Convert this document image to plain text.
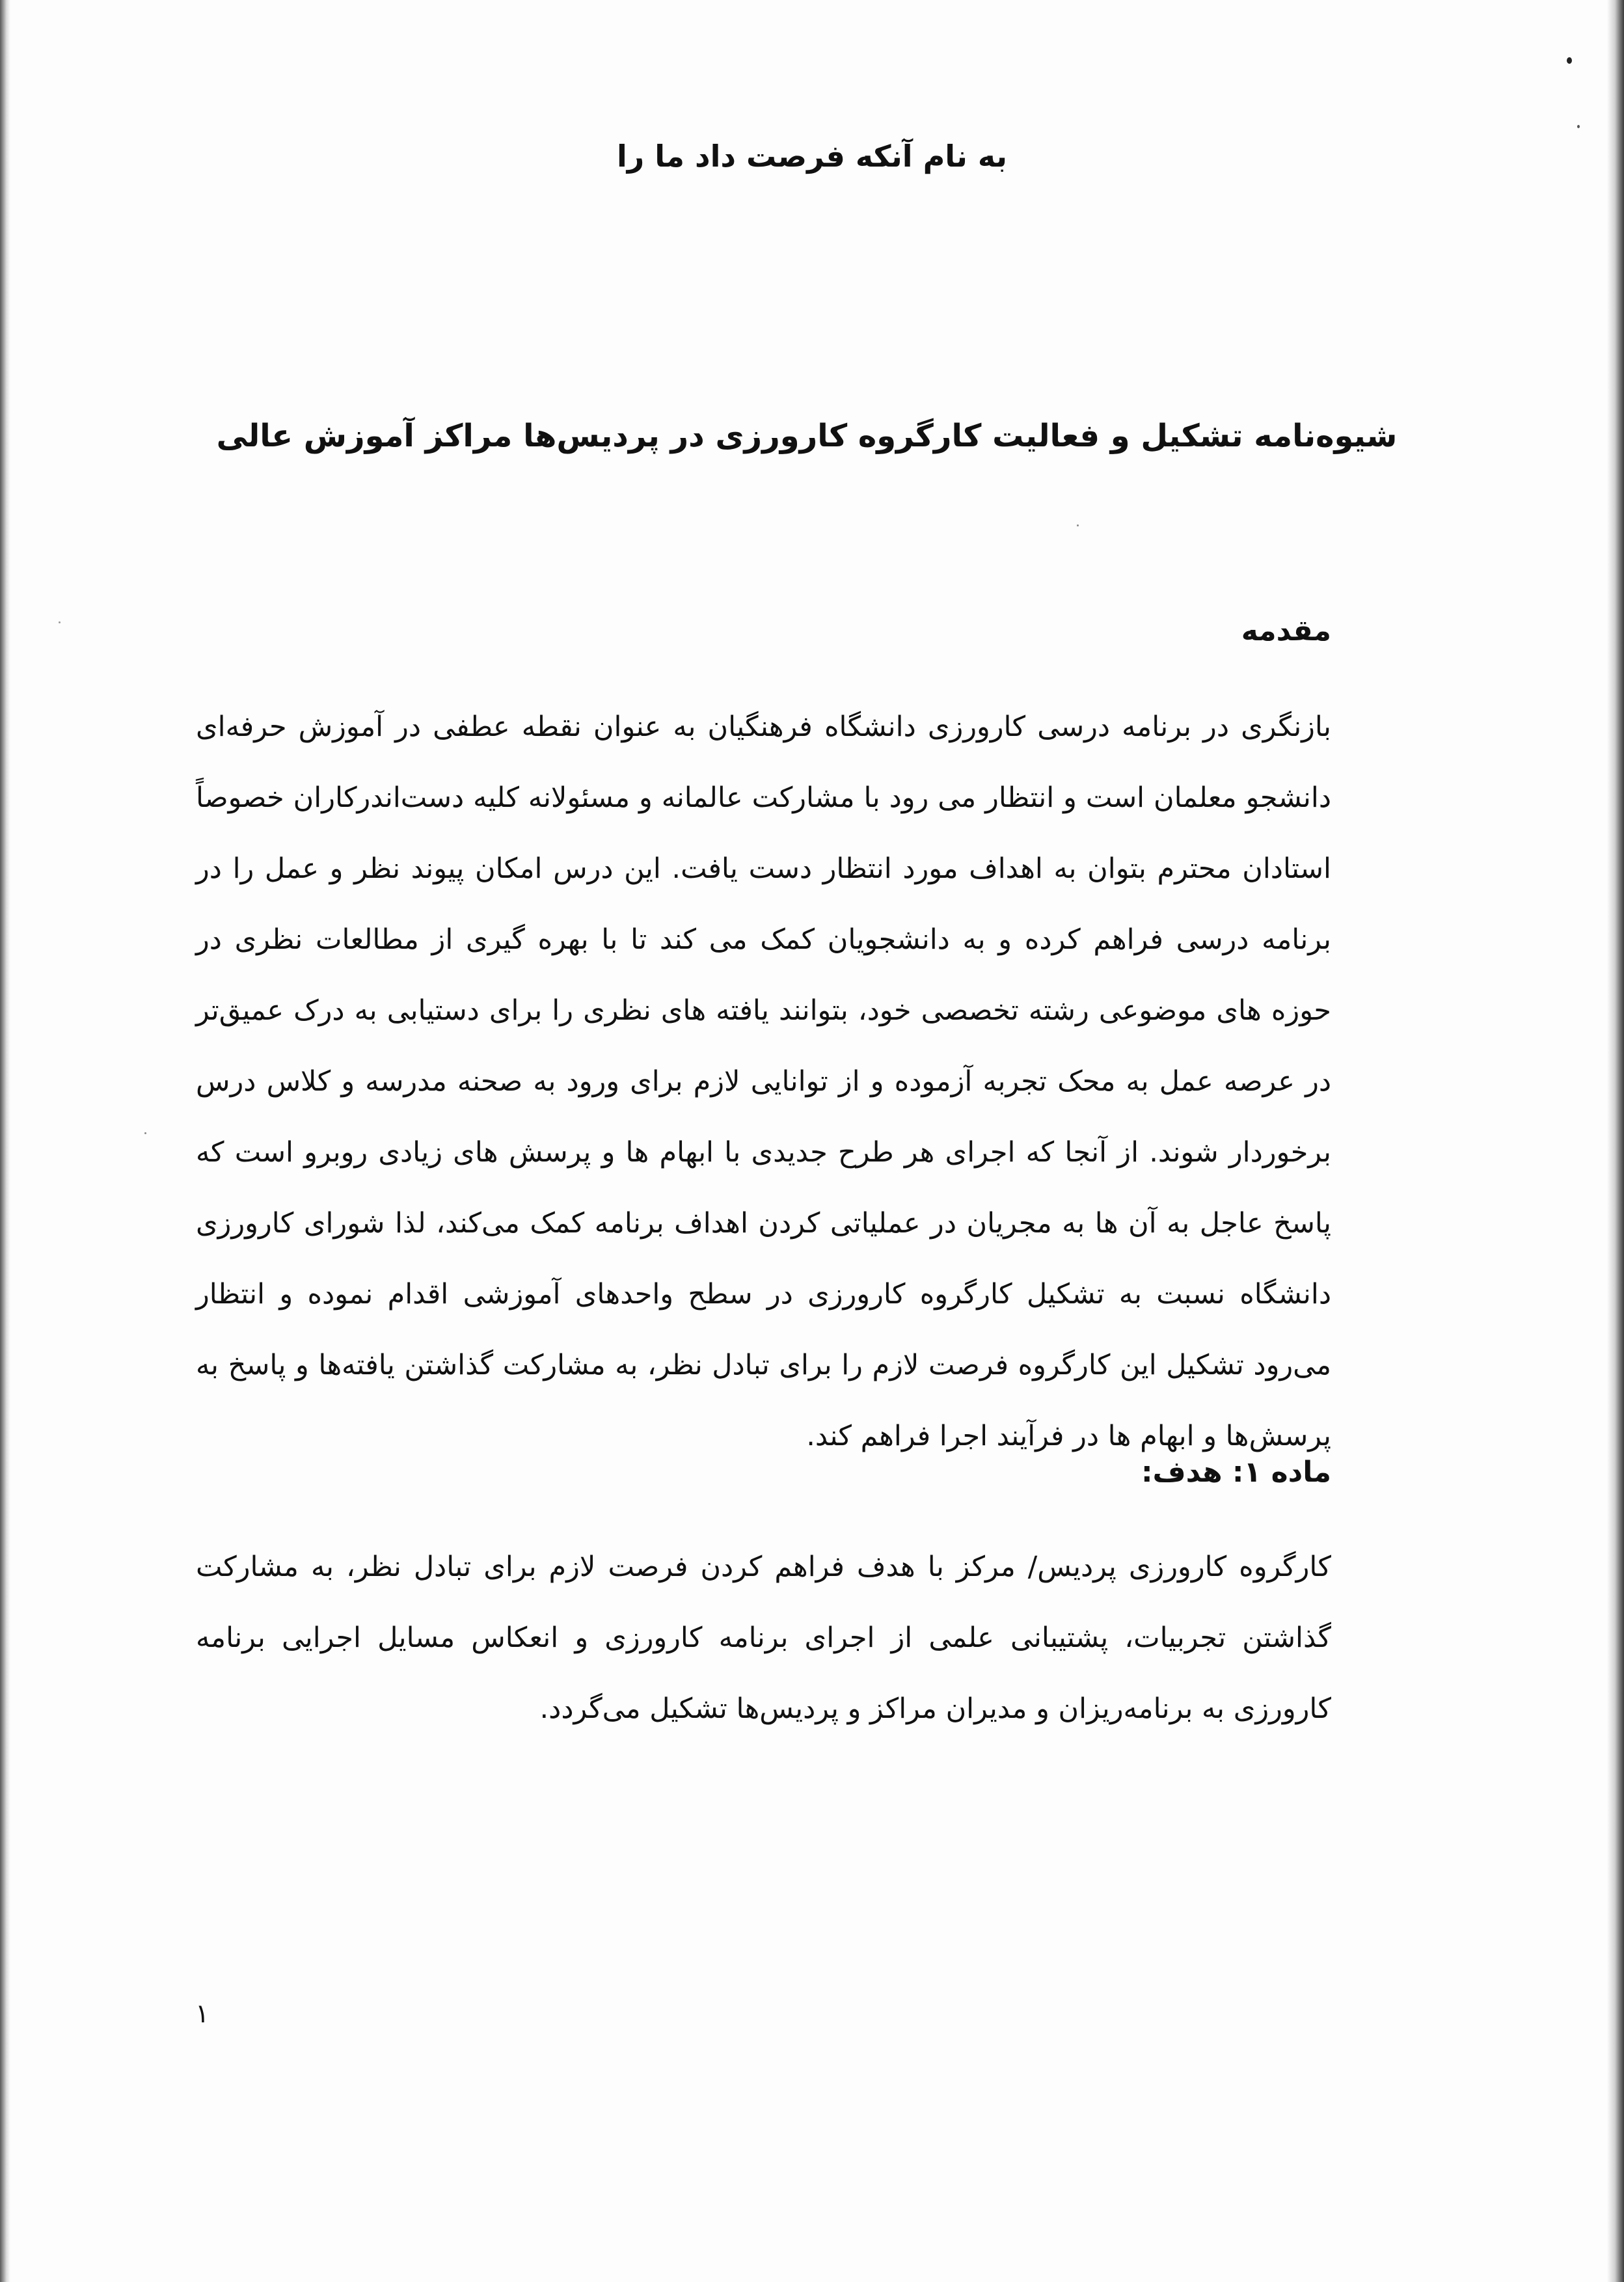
به نام آنکه فرصت داد ما را
شیوه‌نامه تشکیل و فعالیت کارگروه کارورزی در پردیس‌ها مراکز آموزش عالی
مقدمه

بازنگری در برنامه درسی کارورزی دانشگاه فرهنگیان به عنوان نقطه عطفی در آموزش حرفه‌ای دانشجو معلمان است و انتظار می رود با مشارکت عالمانه و مسئولانه کلیه دست‌اندرکاران خصوصاً استادان محترم بتوان به اهداف مورد انتظار دست یافت. این درس امکان پیوند نظر و عمل را در برنامه درسی فراهم کرده و به دانشجویان کمک می کند تا با بهره گیری از مطالعات نظری در حوزه های موضوعی رشته تخصصی خود، بتوانند یافته های نظری را برای دستیابی به درک عمیق‌تر در عرصه عمل به محک تجربه آزموده و از توانایی لازم برای ورود به صحنه مدرسه و کلاس درس برخوردار شوند. از آنجا که اجرای هر طرح جدیدی با ابهام ها و پرسش های زیادی روبرو است که پاسخ عاجل به آن ها به مجریان در عملیاتی کردن اهداف برنامه کمک می‌کند، لذا شورای کارورزی دانشگاه نسبت به تشکیل کارگروه کارورزی در سطح واحدهای آموزشی اقدام نموده و انتظار می‌رود تشکیل این کارگروه فرصت لازم را برای تبادل نظر، به مشارکت گذاشتن یافته‌ها و پاسخ به پرسش‌ها و ابهام ها در فرآیند اجرا فراهم کند.

ماده ۱: هدف:

کارگروه کارورزی پردیس/ مرکز با هدف فراهم کردن فرصت لازم برای تبادل نظر، به مشارکت گذاشتن تجربیات، پشتیبانی علمی از اجرای برنامه کارورزی و انعکاس مسایل اجرایی برنامه کارورزی به برنامه‌ریزان و مدیران مراکز و پردیس‌ها تشکیل می‌گردد.

۱
